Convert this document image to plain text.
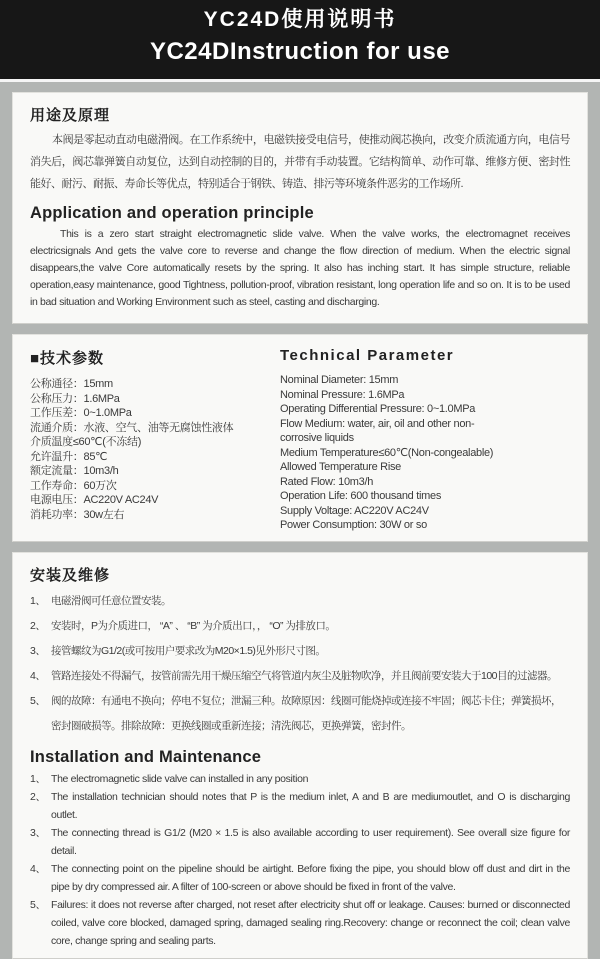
YC24D使用说明书
YC24DInstruction for use
用途及原理

本阀是零起动直动电磁滑阀。在工作系统中，电磁铁接受电信号，使推动阀芯换向，改变介质流通方向，电信号消失后，阀芯靠弹簧自动复位，达到自动控制的目的，并带有手动装置。它结构简单、动作可靠、维修方便、密封性能好、耐污、耐振、寿命长等优点，特别适合于钢铁、铸造、排污等环境条件恶劣的工作场所.

Application and operation principle

This is a zero start straight electromagnetic slide valve. When the valve works, the electromagnet receives electricsignals And gets the valve core to reverse and change the flow direction of medium. When the electric signal disappears,the valve Core automatically resets by the spring. It also has inching start. It has simple structure, reliable operation,easy maintenance, good Tightness, pollution-proof, vibration resistant, long operation life and so on. It is to be used in bad situation and Working Environment such as steel, casting and discharging.

■技术参数
公称通径：15mm
公称压力：1.6MPa
工作压差：0~1.0MPa
流通介质：水液、空气、油等无腐蚀性液体
介质温度≤60℃(不冻结)
允许温升：85℃
额定流量：10m3/h
工作寿命：60万次
电源电压：AC220V AC24V
消耗功率：30w左右
Technical Parameter
Nominal Diameter: 15mm
Nominal Pressure: 1.6MPa
Operating Differential Pressure: 0~1.0MPa
Flow Medium: water, air, oil and other non-
corrosive liquids
Medium Temperature≤60℃(Non-congealable)
Allowed Temperature Rise
Rated Flow: 10m3/h
Operation Life: 600 thousand times
Supply Voltage: AC220V AC24V
Power Consumption: 30W or so
安装及维修
1、 电磁滑阀可任意位置安装。
2、 安装时，P为介质进口， “A” 、 “B” 为介质出口，， “O” 为排放口。
3、 接管螺纹为G1/2(或可按用户要求改为M20×1.5)见外形尺寸图。
4、 管路连接处不得漏气，按管前需先用干燥压缩空气将管道内灰尘及脏物吹净，并且阀前要安装大于100目的过滤器。
5、 阀的故障：有通电不换向；停电不复位；泄漏三种。故障原因：线圈可能烧掉或连接不牢固；阀芯卡住；弹簧损坏，密封圈破损等。排除故障：更换线圈或重新连接；清洗阀芯，更换弹簧，密封件。
Installation and Maintenance
1、 The electromagnetic slide valve can installed in any position
2、 The installation technician should notes that P is the medium inlet, A and B are mediumoutlet, and O is discharging outlet.
3、 The connecting thread is G1/2 (M20 × 1.5 is also available according to user requirement). See overall size figure for detail.
4、 The connecting point on the pipeline should be airtight. Before fixing the pipe, you should blow off dust and dirt in the pipe by dry compressed air. A filter of 100-screen or above should be fixed in front of the valve.
5、 Failures: it does not reverse after charged, not reset after electricity shut off or leakage. Causes: burned or disconnected coiled, valve core blocked, damaged spring, damaged sealing ring.Recovery: change or reconnect the coil; clean valve core, change spring and sealing parts.
